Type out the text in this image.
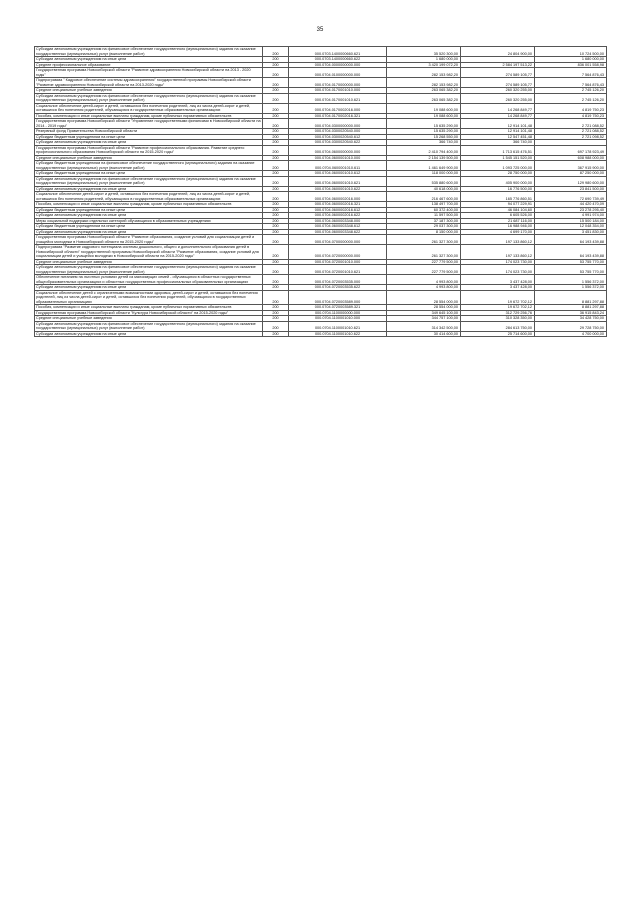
35
Субсидии автономным учреждениям на финансовое обеспечение государственного (муниципального) задания на оказание государственных (муниципальных) услуг (выполнение работ)	200	000.0703.1400000660.621	35 520 300,00	24 804 900,00	10 724 500,00
Субсидии автономным учреждениям на иные цели	200	000.0703.1400000660.622	1 680 000,00		1 680 000,00
Среднее профессиональное образование	200	000.0704.0000000000.000	3 420 199 072,20	2 584 197 513,22	836 001 558,98
Государственная программа Новосибирской области "Развитие здравоохранения Новосибирской области на 2013 - 2020 годы"	200	000.0704.0100000000.000	282 153 982,20	274 589 105,77	7 564 876,43
Подпрограмма " Кадровое обеспечение системы здравоохранения" государственной программы Новосибирской области "Развитие здравоохранения Новосибирской области на 2013-2020 годы"	200	000.0704.0170000000.000	282 153 982,20	274 589 105,77	7 564 876,43
Средние специальные учебные заведения	200	000.0704.0170001010.000	263 065 382,20	260 320 255,00	2 745 126,20
Субсидии автономным учреждениям на финансовое обеспечение государственного (муниципального) задания на оказание государственных (муниципальных) услуг (выполнение работ)	200	000.0704.0170001010.621	263 065 382,20	260 320 255,00	2 745 126,20
Социальное обеспечение детей-сирот и детей, оставшихся без попечения родителей, лиц из числа детей-сирот и детей, оставшихся без попечения родителей, обучающихся в государственных образовательных организациях	200	000.0704.0170002016.000	19 088 600,00	14 268 849,77	4 819 750,23
Пособия, компенсации и иные социальные выплаты гражданам, кроме публичных нормативных обязательств	200	000.0704.0170002016.321	19 088 600,00	14 268 849,77	4 819 750,23
Государственная программа Новосибирской области "Управление государственными финансами в Новосибирской области на 2014 - 2019 годы"	200	000.0704.0300000000.000	15 635 290,00	12 914 101,48	2 721 088,52
Резервный фонд Правительства Новосибирской области	200	000.0704.0300020540.000	15 635 290,00	12 914 101,48	2 721 088,52
Субсидии бюджетным учреждениям на иные цели	200	000.0704.0300020540.612	15 268 550,00	12 547 451,48	2 721 098,52
Субсидии автономным учреждениям на иные цели	200	000.0704.0300020540.622	366 740,00	366 740,00	
Государственная программа Новосибирской области "Развитие профессионального образования. Развитие среднего профессионального образования Новосибирской области на 2015-2020 годы"	200	000.0704.0600000000.000	2 410 794 400,00	1 713 615 476,51	697 178 923,49
Средние специальные учебные заведения	200	000.0704.0600001010.000	2 154 139 500,00	1 545 151 520,00	608 988 000,00
Субсидии бюджетным учреждениям на финансовое обеспечение государственного (муниципального) задания на оказание государственных (муниципальных) услуг (выполнение работ)	200	000.0704.0600001010.611	1 461 649 900,00	1 093 725 000,00	367 915 900,00
Субсидии бюджетным учреждениям на иные цели	200	000.0704.0600001010.612	118 000 000,00	28 750 000,00	87 250 000,00
Субсидии автономным учреждениям на финансовое обеспечение государственного (муниципального) задания на оказание государственных (муниципальных) услуг (выполнение работ)	200	000.0704.0600001010.621	535 880 600,00	405 900 000,00	129 980 600,00
Субсидии автономным учреждениям на иные цели	200	000.0704.0600001010.622	40 618 000,00	16 776 500,00	23 841 500,00
Социальное обеспечение детей-сирот и детей, оставшихся без попечения родителей, лиц из числа детей-сирот и детей, оставшихся без попечения родителей, обучающихся в государственных образовательных организациях	200	000.0704.0600002016.000	216 467 600,00	165 776 860,51	72 690 739,49
Пособия, компенсации и иные социальные выплаты гражданам, кроме публичных нормативных обязательств	200	000.0704.0600002016.321	138 497 700,00	94 077 229,91	44 420 470,09
Субсидии бюджетным учреждениям на иные цели	200	000.0704.0600002016.612	60 372 400,00	46 084 104,60	23 278 295,40
Субсидии автономным учреждениям на иные цели	200	000.0704.0600002016.622	11 597 500,00	6 605 526,00	4 991 974,00
Меры социальной поддержки отдельных категорий обучающихся в образовательных учреждениях	200	000.0704.0600003348.000	37 187 300,00	21 687 116,00	15 500 184,00
Субсидии бюджетным учреждениям на иные цели	200	000.0704.0600003348.612	29 037 300,00	16 988 946,00	12 048 354,00
Субсидии автономным учреждениям на иные цели	200	000.0704.0600003348.622	8 150 000,00	4 699 170,00	3 451 830,00
Государственная программа Новосибирской области "Развитие образования, создание условий для социализации детей и учащейся молодежи в Новосибирской области на 2015-2020 годы"	200	000.0704.0700000000.000	261 327 300,00	197 133 860,12	64 193 439,88
Подпрограмма "Развитие кадрового потенциала системы дошкольного, общего и дополнительного образования детей в Новосибирской области" государственной программы Новосибирской области "Развитие образования, создание условий для социализации детей и учащейся молодежи в Новосибирской области на 2015-2020 годы"	200	000.0704.0720000000.000	261 327 300,00	197 133 860,12	64 193 439,88
Средние специальные учебные заведения	200	000.0704.0720001010.000	227 779 500,00	174 023 730,00	53 755 770,00
Субсидии автономным учреждениям на финансовое обеспечение государственного (муниципального) задания на оказание государственных (муниципальных) услуг (выполнение работ)	200	000.0704.0720001010.621	227 779 500,00	174 023 730,00	53 755 770,00
Обеспечение питанием на льготных условиях детей из малоимущих семей - обучающихся в областных государственных общеобразовательных организациях и областных государственных профессиональных образовательных организациях	200	000.0704.0720003535.000	4 993 800,00	3 437 428,00	1 556 372,00
Субсидии автономным учреждениям на иные цели	200	000.0704.0720003535.622	4 993 800,00	3 437 428,00	1 556 372,00
Социальное обеспечение детей с ограниченными возможностями здоровья, детей-сирот и детей, оставшихся без попечения родителей, лиц из числа детей-сирот и детей, оставшихся без попечения родителей, обучающихся в государственных образовательных организациях	200	000.0704.0720003589.000	28 554 000,00	19 672 702,12	8 881 297,88
Пособия, компенсации и иные социальные выплаты гражданам, кроме публичных нормативных обязательств	200	000.0704.0720003589.321	28 554 000,00	19 672 702,12	8 881 297,88
Государственная программа Новосибирской области "Культура Новосибирской области" на 2015-2020 годы"	200	000.0704.1100000000.000	349 645 100,00	312 729 256,76	36 915 843,24
Средние специальные учебные заведения	200	000.0704.1100001010.000	344 757 100,00	310 328 350,00	34 428 750,00
Субсидии автономным учреждениям на финансовое обеспечение государственного (муниципального) задания на оказание государственных (муниципальных) услуг (выполнение работ)	200	000.0704.1100001010.621	314 342 500,00	284 613 750,00	29 728 750,00
Субсидии автономным учреждениям на иные цели	200	000.0704.1100001010.622	30 414 600,00	25 714 600,00	4 700 000,00
